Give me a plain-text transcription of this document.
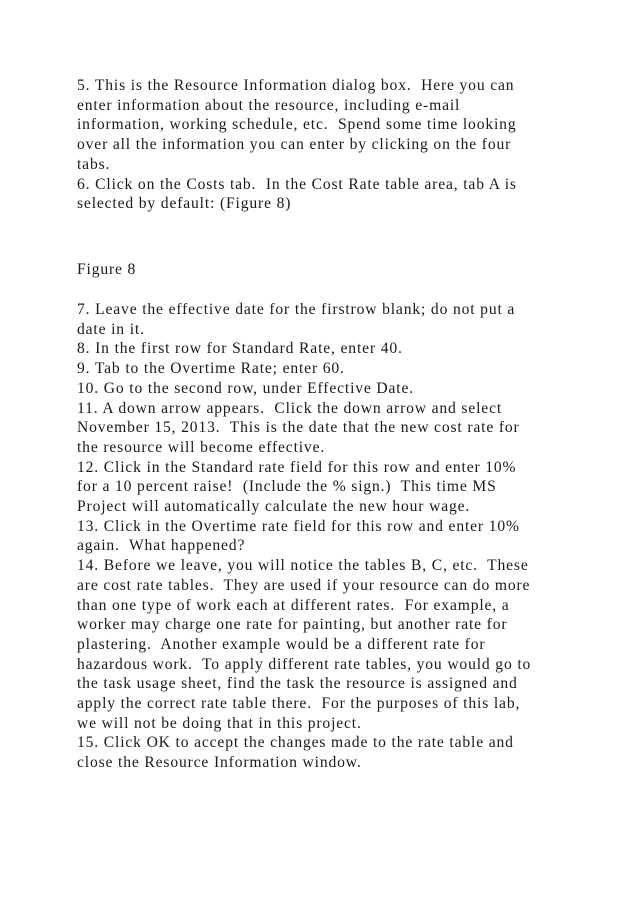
5. This is the Resource Information dialog box.  Here you can
enter information about the resource, including e-mail
information, working schedule, etc.  Spend some time looking
over all the information you can enter by clicking on the four
tabs.
6. Click on the Costs tab.  In the Cost Rate table area, tab A is
selected by default: (Figure 8)

Figure 8

7. Leave the effective date for the firstrow blank; do not put a
date in it.
8. In the first row for Standard Rate, enter 40.
9. Tab to the Overtime Rate; enter 60.
10. Go to the second row, under Effective Date.
11. A down arrow appears.  Click the down arrow and select
November 15, 2013.  This is the date that the new cost rate for
the resource will become effective.
12. Click in the Standard rate field for this row and enter 10%
for a 10 percent raise!  (Include the % sign.)  This time MS
Project will automatically calculate the new hour wage.
13. Click in the Overtime rate field for this row and enter 10%
again.  What happened?
14. Before we leave, you will notice the tables B, C, etc.  These
are cost rate tables.  They are used if your resource can do more
than one type of work each at different rates.  For example, a
worker may charge one rate for painting, but another rate for
plastering.  Another example would be a different rate for
hazardous work.  To apply different rate tables, you would go to
the task usage sheet, find the task the resource is assigned and
apply the correct rate table there.  For the purposes of this lab,
we will not be doing that in this project.
15. Click OK to accept the changes made to the rate table and
close the Resource Information window.
